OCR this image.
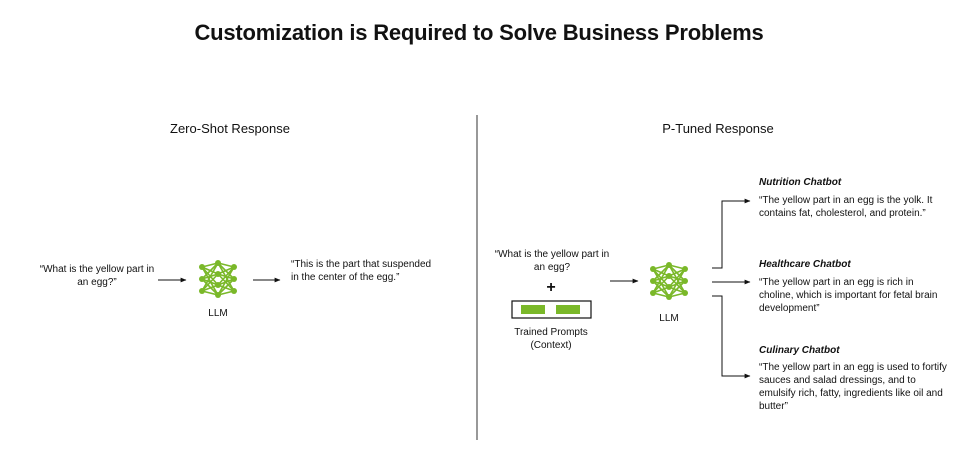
Customization is Required to Solve Business Problems
Zero-Shot Response
“What is the yellow part in an egg?”
LLM
“This is the part that suspended in the center of the egg.”
P-Tuned Response
“What is the yellow part in an egg?
+
Trained Prompts
(Context)
LLM
Nutrition Chatbot
“The yellow part in an egg is the yolk. It contains fat, cholesterol, and protein.”
Healthcare Chatbot
“The yellow part in an egg is rich in choline, which is important for fetal brain development”
Culinary Chatbot
“The yellow part in an egg is used to fortify sauces and salad dressings, and to emulsify rich, fatty, ingredients like oil and butter”
